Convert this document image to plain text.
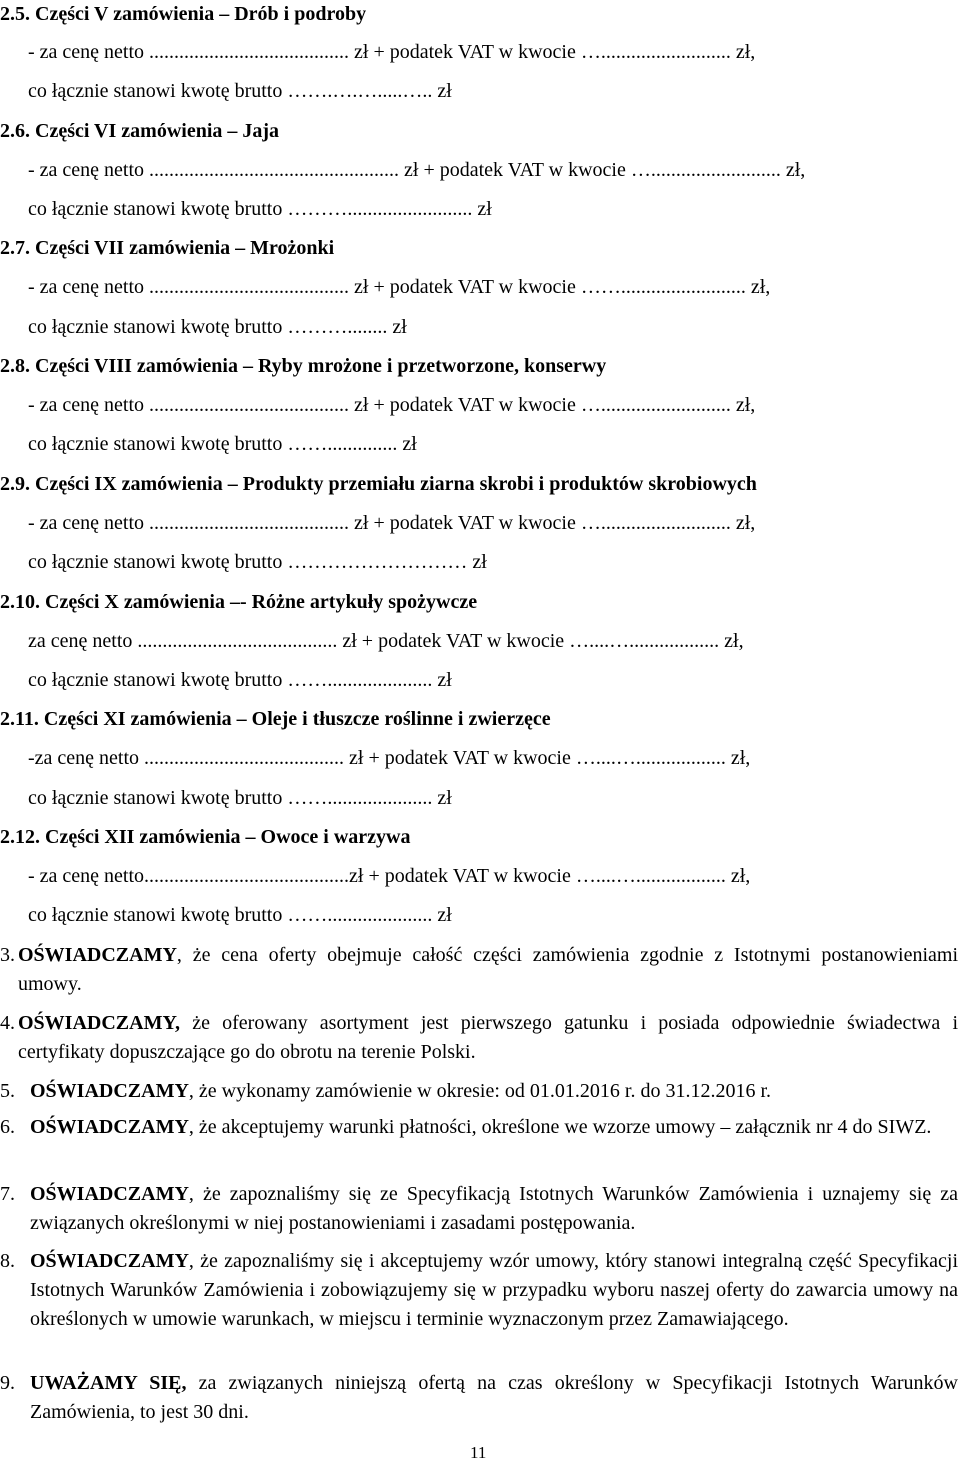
2.5. Części V zamówienia – Drób i podroby
- za cenę netto ........................................ zł + podatek VAT w kwocie ….......................... zł,
co łącznie stanowi kwotę brutto …….….….....….. zł
2.6. Części VI zamówienia – Jaja
- za cenę netto .................................................. zł + podatek VAT w kwocie ….......................... zł,
co łącznie stanowi kwotę brutto ………......................... zł
2.7. Części VII zamówienia – Mrożonki
- za cenę netto ........................................ zł + podatek VAT w kwocie ……......................... zł,
co łącznie stanowi kwotę brutto ………........ zł
2.8. Części VIII zamówienia – Ryby mrożone i przetworzone, konserwy
- za cenę netto ........................................ zł + podatek VAT w kwocie ….......................... zł,
co łącznie stanowi kwotę brutto …….............. zł
2.9. Części IX zamówienia – Produkty przemiału ziarna skrobi i produktów skrobiowych
- za cenę netto ........................................ zł + podatek VAT w kwocie ….......................... zł,
co łącznie stanowi kwotę brutto ……………………… zł
2.10. Części X zamówienia –- Różne artykuły spożywcze
za cenę netto ........................................ zł + podatek VAT w kwocie …....….................. zł,
co łącznie stanowi kwotę brutto ……..................... zł
2.11. Części XI zamówienia – Oleje i tłuszcze roślinne i zwierzęce
-za cenę netto ........................................ zł + podatek VAT w kwocie …....….................. zł,
co łącznie stanowi kwotę brutto ……..................... zł
2.12. Części XII zamówienia – Owoce i warzywa
- za cenę netto.........................................zł + podatek VAT w kwocie …....….................. zł,
co łącznie stanowi kwotę brutto ……..................... zł
3. OŚWIADCZAMY, że cena oferty obejmuje całość części zamówienia zgodnie z Istotnymi postanowieniami umowy.
4. OŚWIADCZAMY, że oferowany asortyment jest pierwszego gatunku i posiada odpowiednie świadectwa i certyfikaty dopuszczające go do obrotu na terenie Polski.
5. OŚWIADCZAMY, że wykonamy zamówienie w okresie: od 01.01.2016 r. do 31.12.2016 r.
6. OŚWIADCZAMY, że akceptujemy warunki płatności, określone we wzorze umowy – załącznik nr 4 do SIWZ.
7. OŚWIADCZAMY, że zapoznaliśmy się ze Specyfikacją Istotnych Warunków Zamówienia i uznajemy się za związanych określonymi w niej postanowieniami i zasadami postępowania.
8. OŚWIADCZAMY, że zapoznaliśmy się i akceptujemy wzór umowy, który stanowi integralną część Specyfikacji Istotnych Warunków Zamówienia i zobowiązujemy się w przypadku wyboru naszej oferty do zawarcia umowy na określonych w umowie warunkach, w miejscu i terminie wyznaczonym przez Zamawiającego.
9. UWAŻAMY SIĘ, za związanych niniejszą ofertą na czas określony w Specyfikacji Istotnych Warunków Zamówienia, to jest 30 dni.
11
